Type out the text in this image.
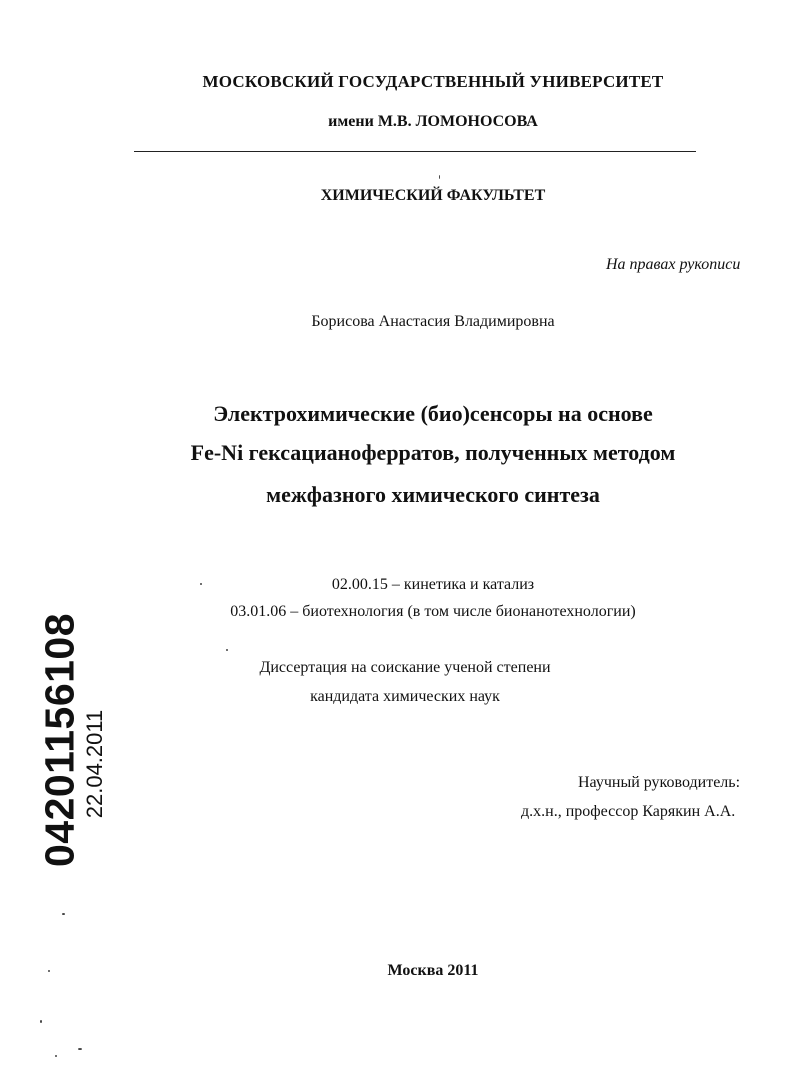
МОСКОВСКИЙ ГОСУДАРСТВЕННЫЙ УНИВЕРСИТЕТ
имени М.В. ЛОМОНОСОВА
ХИМИЧЕСКИЙ ФАКУЛЬТЕТ
На правах рукописи
Борисова Анастасия Владимировна
Электрохимические (био)сенсоры на основе
Fe-Ni гексацианоферратов, полученных методом
межфазного химического синтеза
02.00.15 – кинетика и катализ
03.01.06 – биотехнология (в том числе бионанотехнологии)
Диссертация на соискание ученой степени
кандидата химических наук
Научный руководитель:
д.х.н., профессор Карякин А.А.
Москва 2011
04201156108 22.04.2011
